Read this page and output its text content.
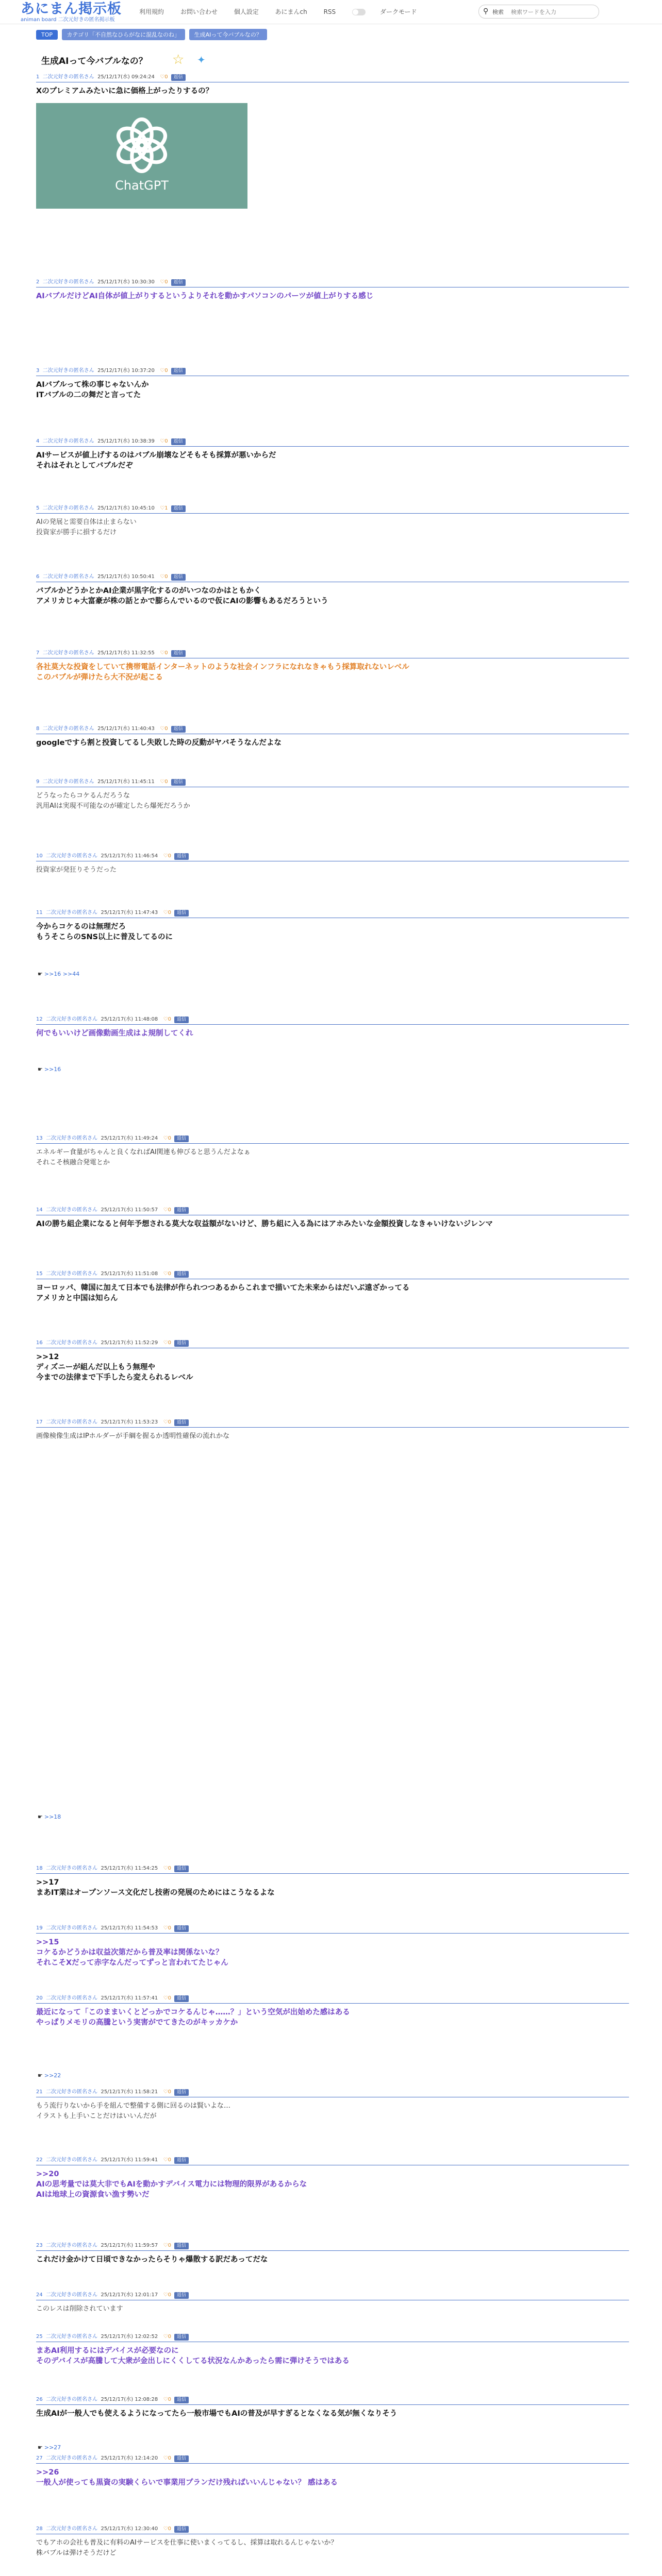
あにまん掲示板
animan board 二次元好きの匿名掲示板
利用規約	お問い合わせ	個人設定	あにまんch	RSS	ダークモード	⚲ 検索
検索ワードを入力
TOP	カテゴリ「不自然なひらがなに混乱なのね」	生成AIって今バブルなの？
生成AIって今バブルなの？ ☆ ✦
1 二次元好きの匿名さん 25/12/17(水) 09:24:24 ♡0 返信
Xのプレミアムみたいに急に価格上がったりするの？
ChatGPT
2 二次元好きの匿名さん 25/12/17(水) 10:30:30 ♡0 返信
AIバブルだけどAI自体が値上がりするというよりそれを動かすパソコンのパーツが値上がりする感じ
3 二次元好きの匿名さん 25/12/17(水) 10:37:20 ♡0 返信
AIバブルって株の事じゃないんか
ITバブルの二の舞だと言ってた
4 二次元好きの匿名さん 25/12/17(水) 10:38:39 ♡0 返信
AIサービスが値上げするのはバブル崩壊などそもそも採算が悪いからだ
それはそれとしてバブルだぞ
5 二次元好きの匿名さん 25/12/17(水) 10:45:10 ♡1 返信
AIの発展と需要自体は止まらない
投資家が勝手に損するだけ
6 二次元好きの匿名さん 25/12/17(水) 10:50:41 ♡0 返信
バブルかどうかとかAI企業が黒字化するのがいつなのかはともかく
アメリカじゃ大富豪が株の話とかで膨らんでいるので仮にAIの影響もあるだろうという
7 二次元好きの匿名さん 25/12/17(水) 11:32:55 ♡0 返信
各社莫大な投資をしていて携帯電話インターネットのような社会インフラになれなきゃもう採算取れないレベル
このバブルが弾けたら大不況が起こる
8 二次元好きの匿名さん 25/12/17(水) 11:40:43 ♡0 返信
googleですら割と投資してるし失敗した時の反動がヤバそうなんだよな
9 二次元好きの匿名さん 25/12/17(水) 11:45:11 ♡0 返信
どうなったらコケるんだろうな
汎用AIは実現不可能なのが確定したら爆死だろうか
10 二次元好きの匿名さん 25/12/17(水) 11:46:54 ♡0 返信
投資家が発狂りそうだった
11 二次元好きの匿名さん 25/12/17(水) 11:47:43 ♡0 返信
今からコケるのは無理だろ
もうそこらのSNS以上に普及してるのに
12 二次元好きの匿名さん 25/12/17(水) 11:48:08 ♡0 返信
何でもいいけど画像動画生成はよ規制してくれ
13 二次元好きの匿名さん 25/12/17(水) 11:49:24 ♡0 返信
エネルギー食量がちゃんと良くなればAI関連も伸びると思うんだよなぁ
それこそ核融合発電とか
14 二次元好きの匿名さん 25/12/17(水) 11:50:57 ♡0 返信
AIの勝ち組企業になると何年予想される莫大な収益額がないけど、勝ち組に入る為にはアホみたいな金額投資しなきゃいけないジレンマ
15 二次元好きの匿名さん 25/12/17(水) 11:51:08 ♡0 返信
ヨーロッパ、韓国に加えて日本でも法律が作られつつあるからこれまで描いてた未来からはだいぶ遠ざかってる
アメリカと中国は知らん
16 二次元好きの匿名さん 25/12/17(水) 11:52:29 ♡0 返信
>>12
ディズニーが組んだ以上もう無理や
今までの法律まで下手したら変えられるレベル
17 二次元好きの匿名さん 25/12/17(水) 11:53:23 ♡0 返信
画像検像生成はIPホルダーが手綱を握るか透明性確保の流れかな
18 二次元好きの匿名さん 25/12/17(水) 11:54:25 ♡0 返信
>>17
まあIT業はオープンソース文化だし技術の発展のためにはこうなるよな
19 二次元好きの匿名さん 25/12/17(水) 11:54:53 ♡0 返信
>>15
コケるかどうかは収益次第だから普及率は関係ないな？
それこそXだって赤字なんだってずっと言われてたじゃん
20 二次元好きの匿名さん 25/12/17(水) 11:57:41 ♡0 返信
最近になって「このままいくとどっかでコケるんじゃ……？」という空気が出始めた感はある
やっぱりメモリの高騰という実害がでてきたのがキッカケか
21 二次元好きの匿名さん 25/12/17(水) 11:58:21 ♡0 返信
もう流行りないから手を組んで整備する側に回るのは賢いよな…
イラストも上手いことだけはいいんだが
22 二次元好きの匿名さん 25/12/17(水) 11:59:41 ♡0 返信
>>20
AIの思考量では莫大非でもAIを動かすデバイス電力には物理的限界があるからな
AIは地球上の資源食い漁す勢いだ
23 二次元好きの匿名さん 25/12/17(水) 11:59:57 ♡0 返信
これだけ金かけて日頃できなかったらそりゃ爆散する訳だあってだな
24 二次元好きの匿名さん 25/12/17(水) 12:01:17 ♡0 返信
このレスは削除されています
25 二次元好きの匿名さん 25/12/17(水) 12:02:52 ♡0 返信
まあAI利用するにはデバイスが必要なのに
そのデバイスが高騰して大衆が金出しにくくしてる状況なんかあったら需に弾けそうではある
26 二次元好きの匿名さん 25/12/17(水) 12:08:28 ♡0 返信
生成AIが一般人でも使えるようになってたら一般市場でもAIの普及が早すぎるとなくなる気が無くなりそう
27 二次元好きの匿名さん 25/12/17(水) 12:14:20 ♡0 返信
>>26
一般人が使っても黒資の実験くらいで事業用プランだけ残ればいいんじゃない？ 感はある
28 二次元好きの匿名さん 25/12/17(水) 12:30:40 ♡0 返信
でもアホの会社も普及に有料のAIサービスを仕事に使いまくってるし、採算は取れるんじゃないか？
株バブルは弾けそうだけど

☛ >>16 >>44
☛ >>16
☛ >>18
☛ >>22
☛ >>27
